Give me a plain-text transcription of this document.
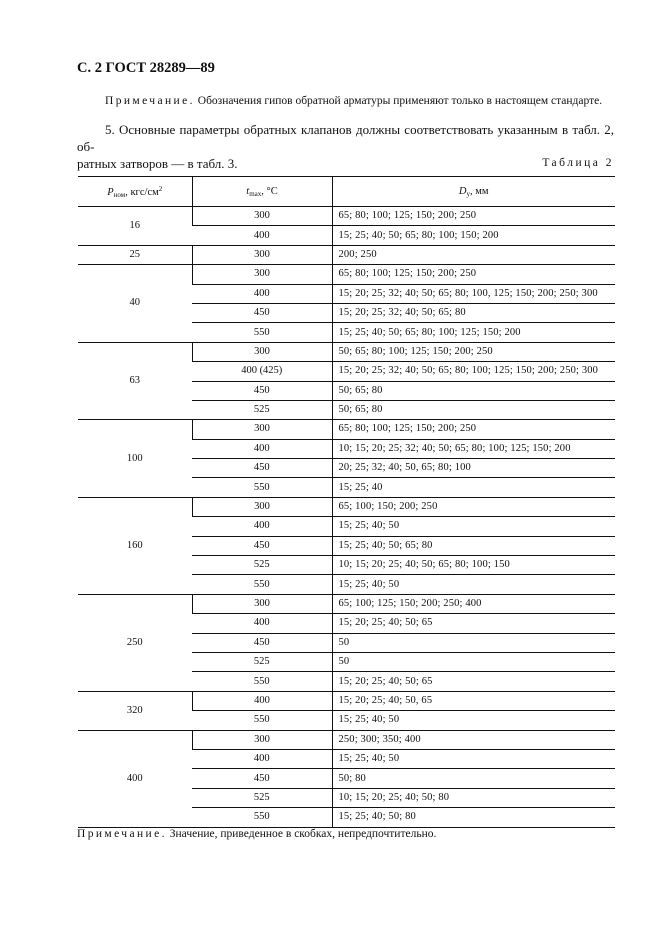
С. 2 ГОСТ 28289—89
Примечание. Обозначения гипов обратной арматуры применяют только в настоящем стандарте.
5. Основные параметры обратных клапанов должны соответствовать указанным в табл. 2, об-
ратных затворов — в табл. 3.	Таблица 2
$P_{ном}$, кгс/$см^2$	$t_{max}$, °C	$D_y$, мм
16	300	65; 80; 100; 125; 150; 200; 250
	400	15; 25; 40; 50; 65; 80; 100; 150; 200
25	300	200; 250
40	300	65; 80; 100; 125; 150; 200; 250
	400	15; 20; 25; 32; 40; 50; 65; 80; 100, 125; 150; 200; 250; 300
	450	15; 20; 25; 32; 40; 50; 65; 80
	550	15; 25; 40; 50; 65; 80; 100; 125; 150; 200
63	300	50; 65; 80; 100; 125; 150; 200; 250
	400 (425)	15; 20; 25; 32; 40; 50; 65; 80; 100; 125; 150; 200; 250; 300
	450	50; 65; 80
	525	50; 65; 80
100	300	65; 80; 100; 125; 150; 200; 250
	400	10; 15; 20; 25; 32; 40; 50; 65; 80; 100; 125; 150; 200
	450	20; 25; 32; 40; 50, 65; 80; 100
	550	15; 25; 40
160	300	65; 100; 150; 200; 250
	400	15; 25; 40; 50
	450	15; 25; 40; 50; 65; 80
	525	10; 15; 20; 25; 40; 50; 65; 80; 100; 150
	550	15; 25; 40; 50
250	300	65; 100; 125; 150; 200; 250; 400
	400	15; 20; 25; 40; 50; 65
	450	50
	525	50
	550	15; 20; 25; 40; 50; 65
320	400	15; 20; 25; 40; 50, 65
	550	15; 25; 40; 50
400	300	250; 300; 350; 400
	400	15; 25; 40; 50
	450	50; 80
	525	10; 15; 20; 25; 40; 50; 80
	550	15; 25; 40; 50; 80
Примечание. Значение, приведенное в скобках, непредпочтительно.
